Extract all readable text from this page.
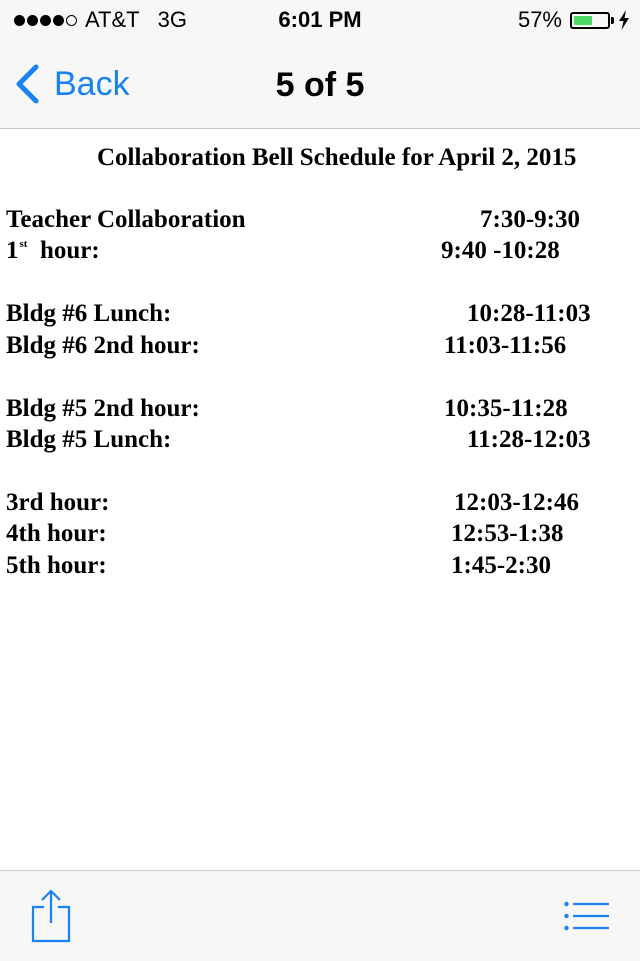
AT&T 3G	6:01 PM	57%
Back	5 of 5
Collaboration Bell Schedule for April 2, 2015
Teacher Collaboration	7:30-9:30
1st hour:	9:40 -10:28
Bldg #6 Lunch:	10:28-11:03
Bldg #6 2nd hour:	11:03-11:56
Bldg #5 2nd hour:	10:35-11:28
Bldg #5 Lunch:	11:28-12:03
3rd hour:	12:03-12:46
4th hour:	12:53-1:38
5th hour:	1:45-2:30
